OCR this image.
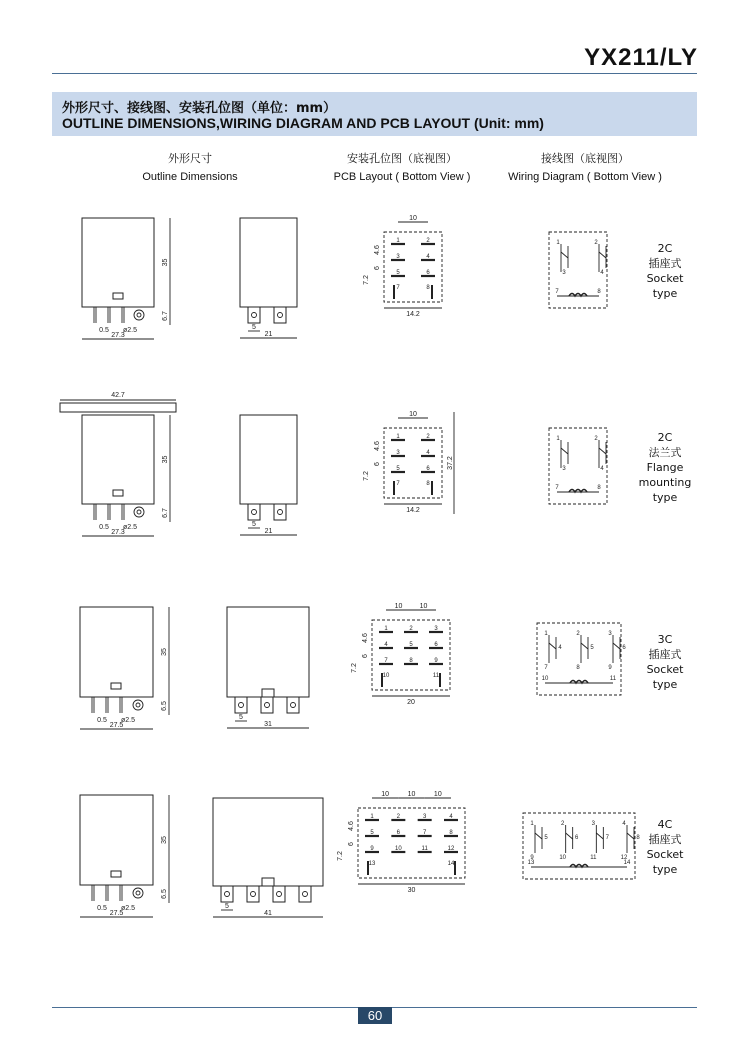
YX211/LY
外形尺寸、接线图、安装孔位图（单位：mm）
OUTLINE DIMENSIONS,WIRING DIAGRAM AND PCB LAYOUT (Unit: mm)
外形尺寸
Outline Dimensions
安装孔位图（底视图）
PCB Layout ( Bottom View )
接线图（底视图）
Wiring Diagram ( Bottom View )
2C
插座式
Socket
type
2C
法兰式
Flange
mounting
type
3C
插座式
Socket
type
4C
插座式
Socket
type
35
6.7
0.5 ø2.5
27.3
5
21
10
1	2
3	4
5	6
7	8
4.6
6
7.2
14.2
1
3
2
4
7	8
42.7
35
6.7
0.5 ø2.5
27.3
5
21
10
1	2
3	4
5	6
7	8
4.6
6
7.2
14.2
37.2
1
3
2
4
7	8
35
6.5
0.5 ø2.5
27.5
5
31
10 10
1	2	3
4	5	6
7	8	9
10	11
4.6
6
7.2
20
1
7
4
2
8
5
3
9
6
10	11
35
6.5
0.5 ø2.5
27.5
5
41
10	10	10
1	2	3	4
5	6	7	8
9	10	11	12
13	14
4.6
6
7.2
30
1
9
5
2
10
6
3
11
7
4
12
8
13	14
60
